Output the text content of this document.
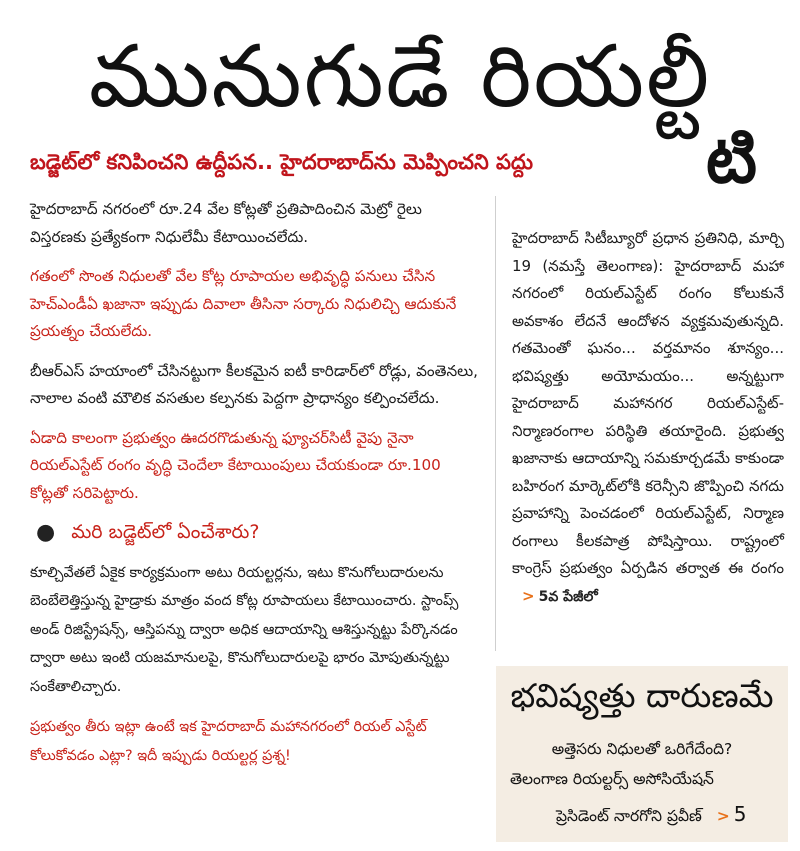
మునుగుడే రియల్టీ
బడ్జెట్‌లో కనిపించని ఉద్దీపన.. హైదరాబాద్‌ను మెప్పించని పద్దు	టి

హైదరాబాద్ నగరంలో రూ.24 వేల కోట్లతో ప్రతిపాదించిన మెట్రో రైలు విస్తరణకు ప్రత్యేకంగా నిధులేమీ కేటాయించలేదు.

గతంలో సొంత నిధులతో వేల కోట్ల రూపాయల అభివృద్ధి పనులు చేసిన హెచ్ఎండీఏ ఖజానా ఇప్పుడు దివాలా తీసినా సర్కారు నిధులిచ్చి ఆదుకునే ప్రయత్నం చేయలేదు.

బీఆర్ఎస్ హయాంలో చేసినట్టుగా కీలకమైన ఐటీ కారిడార్‌లో రోడ్లు, వంతెనలు, నాలాల వంటి మౌలిక వసతుల కల్పనకు పెద్దగా ప్రాధాన్యం కల్పించలేదు.

ఏడాది కాలంగా ప్రభుత్వం ఊదరగొడుతున్న ఫ్యూచర్‌సిటీ వైపు నైనా రియల్ఎస్టేట్ రంగం వృద్ధి చెందేలా కేటాయింపులు చేయకుండా రూ.100 కోట్లతో సరిపెట్టారు.

● మరి బడ్జెట్‌లో ఏంచేశారు?

కూల్చివేతలే ఏకైక కార్యక్రమంగా అటు రియల్టర్లను, ఇటు కొనుగోలుదారులను బెంబేలెత్తిస్తున్న హైడ్రాకు మాత్రం వంద కోట్ల రూపాయలు కేటాయించారు. స్టాంప్స్ అండ్ రిజిస్ట్రేషన్స్, ఆస్తిపన్ను ద్వారా అధిక ఆదాయాన్ని ఆశిస్తున్నట్టు పేర్కొనడం ద్వారా అటు ఇంటి యజమానులపై, కొనుగోలుదారులపై భారం మోపుతున్నట్టు సంకేతాలిచ్చారు.

ప్రభుత్వం తీరు ఇట్లా ఉంటే ఇక హైదరాబాద్ మహానగరంలో రియల్ ఎస్టేట్ కోలుకోవడం ఎట్లా? ఇదీ ఇప్పుడు రియల్టర్ల ప్రశ్న!

హైదరాబాద్ సిటీబ్యూరో ప్రధాన ప్రతినిధి, మార్చి 19 (నమస్తే తెలంగాణ): హైదరాబాద్ మహా నగరంలో రియల్ఎస్టేట్ రంగం కోలుకునే అవకాశం లేదనే ఆందోళన వ్యక్తమవుతున్నది. గతమెంతో ఘనం... వర్తమానం శూన్యం... భవిష్యత్తు అయోమయం... అన్నట్టుగా హైదరాబాద్ మహానగర రియల్ఎస్టేట్- నిర్మాణరంగాల పరిస్థితి తయారైంది. ప్రభుత్వ ఖజానాకు ఆదాయాన్ని సమకూర్చడమే కాకుండా బహిరంగ మార్కెట్‌లోకి కరెన్సీని జొప్పించి నగదు ప్రవాహాన్ని పెంచడంలో రియల్ఎస్టేట్, నిర్మాణ రంగాలు కీలకపాత్ర పోషిస్తాయి. రాష్ట్రంలో కాంగ్రెస్ ప్రభుత్వం ఏర్పడిన తర్వాత ఈ రంగం > 5వ పేజీలో
భవిష్యత్తు దారుణమే
అత్తెసరు నిధులతో ఒరిగేదేంది?
తెలంగాణ రియల్టర్స్ అసోసియేషన్
ప్రెసిడెంట్ నారగోని ప్రవీణ్ > 5
